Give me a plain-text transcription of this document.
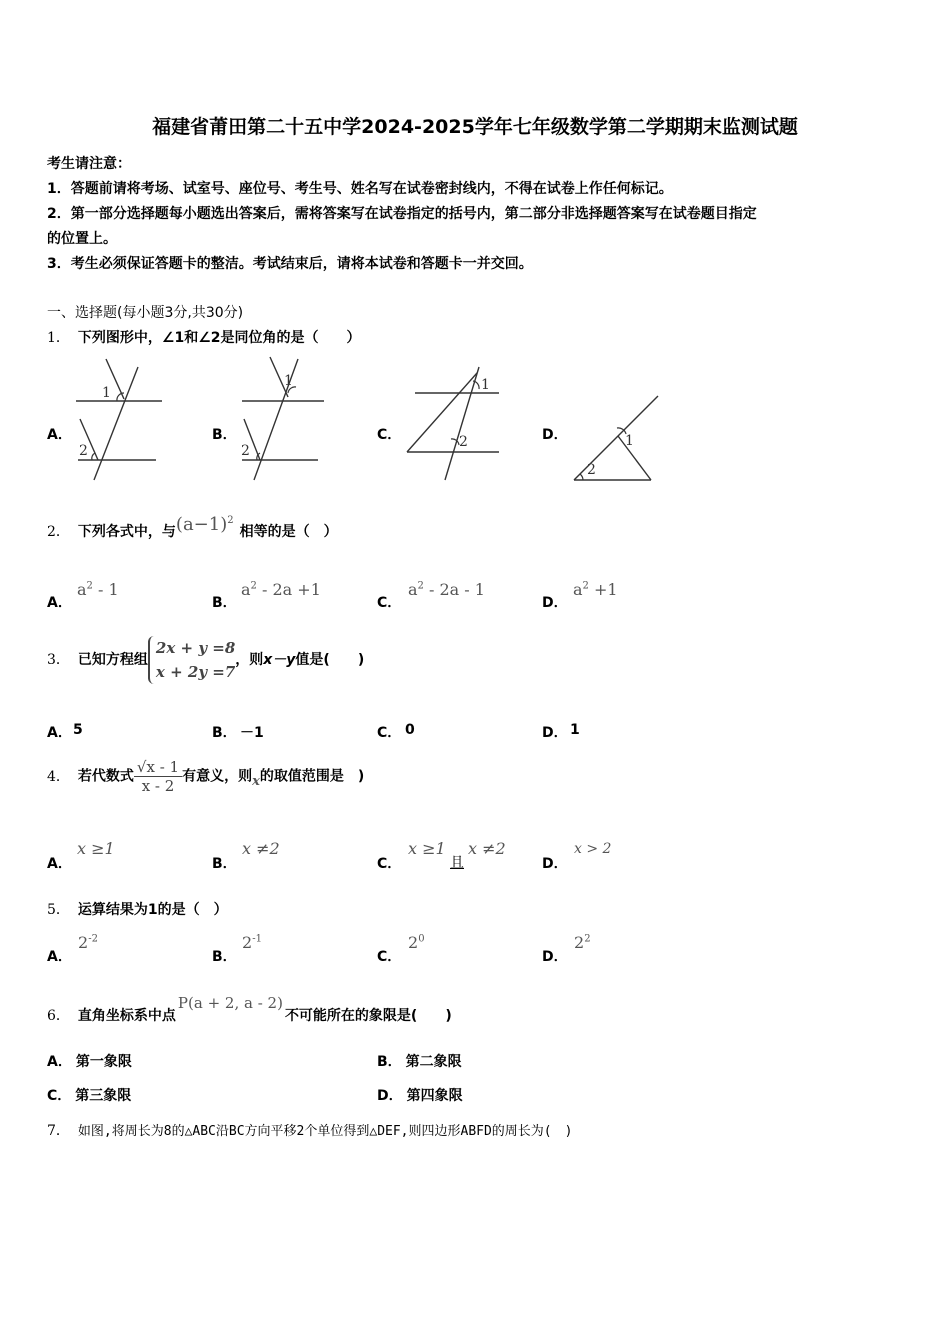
福建省莆田第二十五中学2024-2025学年七年级数学第二学期期末监测试题
考生请注意：
1．答题前请将考场、试室号、座位号、考生号、姓名写在试卷密封线内，不得在试卷上作任何标记。
2．第一部分选择题每小题选出答案后，需将答案写在试卷指定的括号内，第二部分非选择题答案写在试卷题目指定
的位置上。
3．考生必须保证答题卡的整洁。考试结束后，请将本试卷和答题卡一并交回。
一、选择题(每小题3分,共30分)
1． 下列图形中，∠1和∠2是同位角的是（　　）
A．	B．	C．	D．
1
2
1
2
1
2	1
2
2． 下列各式中，与$(a-1)^2$相等的是（　）
A．
$a^2 - 1$
B．
$a^2 - 2a +1$
C．
$a^2 - 2a - 1$
D．
$a^2 +1$
3． 已知方程组
2x + y =8
x + 2y =7
，则x－y值是(　　)
A． 5	B． －1	C． 0	D． 1
4． 若代数式 $\frac{√x - 1}{x - 2}$ 有意义，则x的取值范围是　)
A．
x ≥1
B．
x ≠2
C．
x ≥1
且
x ≠2
D．
x > 2
5． 运算结果为1的是（　）
A．
$2^{-2}$
B．
$2^{-1}$
C．
$2^0$
D．
$2^2$
6． 直角坐标系中点P(a + 2, a - 2)不可能所在的象限是(　　)
A． 第一象限	B． 第二象限
C． 第三象限	D． 第四象限
7． 如图,将周长为8的△ABC沿BC方向平移2个单位得到△DEF,则四边形ABFD的周长为(　)
